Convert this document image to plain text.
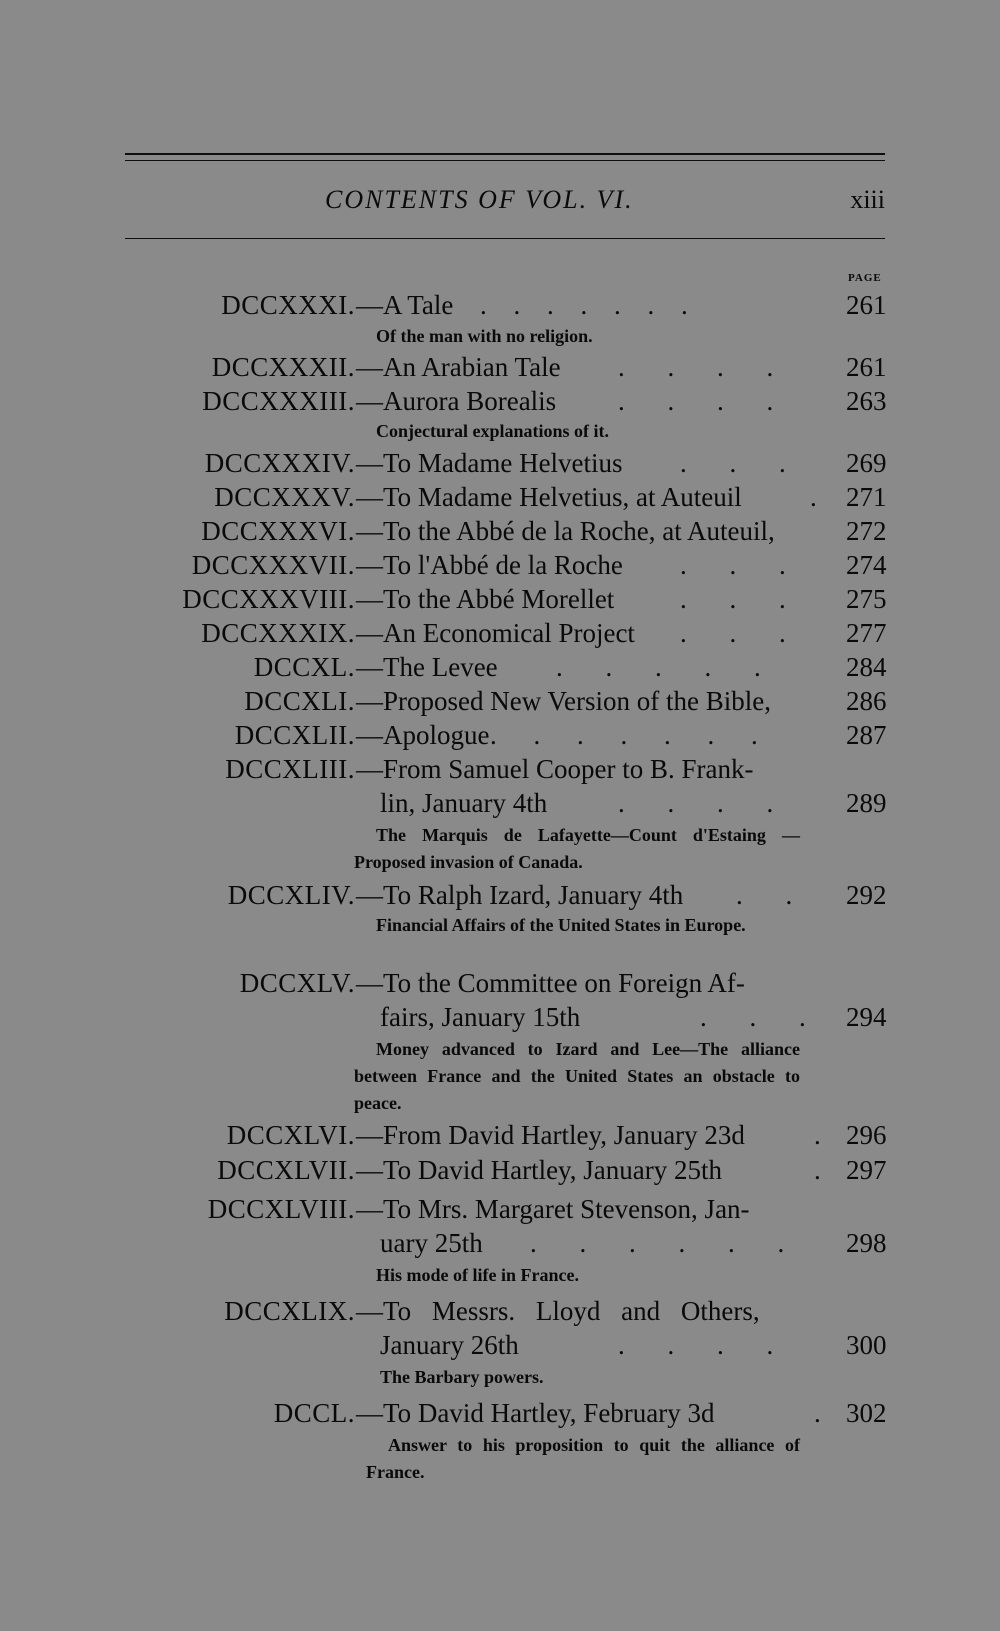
CONTENTS OF VOL. VI.	xiii
PAGE
DCCXXXI. —A Tale . . . . . . .	261
Of the man with no religion.
DCCXXXII. —An Arabian Tale . . . . 261
DCCXXXIII. —Aurora Borealis . . . . 263
Conjectural explanations of it.
DCCXXXIV. —To Madame Helvetius . . . 269
DCCXXXV. —To Madame Helvetius, at Auteuil	. 271
DCCXXXVI. —To the Abbé de la Roche, at Auteuil,	272
DCCXXXVII. —To l'Abbé de la Roche . . . 274
DCCXXXVIII. —To the Abbé Morellet . . . 275
DCCXXXIX. —An Economical Project . . . 277
DCCXL. —The Levee . . . . . 284
DCCXLI. —Proposed New Version of the Bible,	286
DCCXLII. —Apologue . . . . . . .	287
DCCXLIII. —From Samuel Cooper to B. Frank-
lin, January 4th	. . . . 289
The Marquis de Lafayette—Count d'Estaing —Proposed invasion of Canada.
DCCXLIV. —To Ralph Izard, January 4th . . 292
Financial Affairs of the United States in Europe.
DCCXLV. —To the Committee on Foreign Af-
fairs, January 15th	. . . 294
Money advanced to Izard and Lee—The alliance between France and the United States an obstacle to peace.
DCCXLVI. —From David Hartley, January 23d	. 296
DCCXLVII. —To David Hartley, January 25th	. 297
DCCXLVIII. —To Mrs. Margaret Stevenson, Jan-
uary 25th . . . . . . 298
His mode of life in France.
DCCXLIX. —To Messrs. Lloyd and Others,
January 26th	. . . . 300
The Barbary powers.
DCCL. —To David Hartley, February 3d	. 302
Answer to his proposition to quit the alliance of France.
